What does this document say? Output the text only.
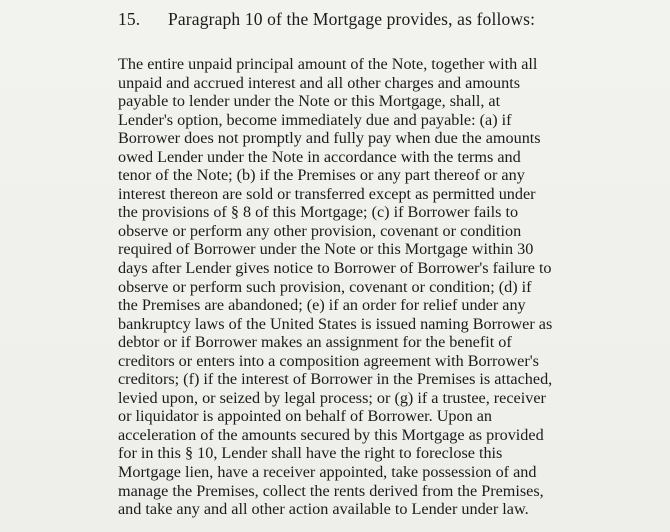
15. Paragraph 10 of the Mortgage provides, as follows:
The entire unpaid principal amount of the Note, together with all
unpaid and accrued interest and all other charges and amounts
payable to lender under the Note or this Mortgage, shall, at
Lender's option, become immediately due and payable: (a) if
Borrower does not promptly and fully pay when due the amounts
owed Lender under the Note in accordance with the terms and
tenor of the Note; (b) if the Premises or any part thereof or any
interest thereon are sold or transferred except as permitted under
the provisions of § 8 of this Mortgage; (c) if Borrower fails to
observe or perform any other provision, covenant or condition
required of Borrower under the Note or this Mortgage within 30
days after Lender gives notice to Borrower of Borrower's failure to
observe or perform such provision, covenant or condition; (d) if
the Premises are abandoned; (e) if an order for relief under any
bankruptcy laws of the United States is issued naming Borrower as
debtor or if Borrower makes an assignment for the benefit of
creditors or enters into a composition agreement with Borrower's
creditors; (f) if the interest of Borrower in the Premises is attached,
levied upon, or seized by legal process; or (g) if a trustee, receiver
or liquidator is appointed on behalf of Borrower. Upon an
acceleration of the amounts secured by this Mortgage as provided
for in this § 10, Lender shall have the right to foreclose this
Mortgage lien, have a receiver appointed, take possession of and
manage the Premises, collect the rents derived from the Premises,
and take any and all other action available to Lender under law.
